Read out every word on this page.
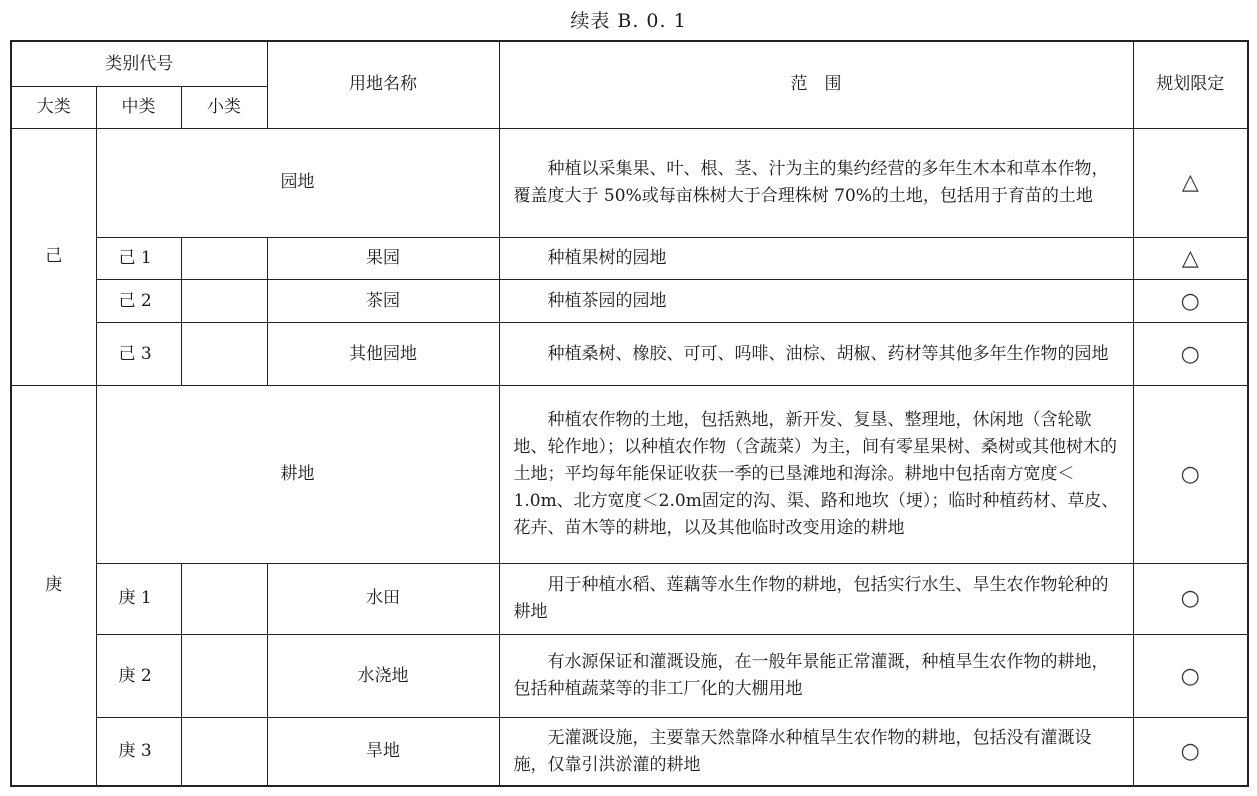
续表 B. 0. 1
类别代号			用地名称	范　围	规划限定
大类	中类	小类			
己	园地			种植以采集果、叶、根、茎、汁为主的集约经营的多年生木本和草本作物，覆盖度大于 50%或每亩株树大于合理株树 70%的土地，包括用于育苗的土地	△
	己 1		果园	种植果树的园地	△
	己 2		茶园	种植茶园的园地	○
	己 3		其他园地	种植桑树、橡胶、可可、吗啡、油棕、胡椒、药材等其他多年生作物的园地	○
庚	耕地			种植农作物的土地，包括熟地，新开发、复垦、整理地，休闲地（含轮歇地、轮作地）；以种植农作物（含蔬菜）为主，间有零星果树、桑树或其他树木的土地；平均每年能保证收获一季的已垦滩地和海涂。耕地中包括南方宽度＜1.0m、北方宽度＜2.0m固定的沟、渠、路和地坎（埂）；临时种植药材、草皮、花卉、苗木等的耕地，以及其他临时改变用途的耕地	○
	庚 1		水田	用于种植水稻、莲藕等水生作物的耕地，包括实行水生、旱生农作物轮种的耕地	○
	庚 2		水浇地	有水源保证和灌溉设施，在一般年景能正常灌溉，种植旱生农作物的耕地，包括种植蔬菜等的非工厂化的大棚用地	○
	庚 3		旱地	无灌溉设施，主要靠天然靠降水种植旱生农作物的耕地，包括没有灌溉设施，仅靠引洪淤灌的耕地	○
